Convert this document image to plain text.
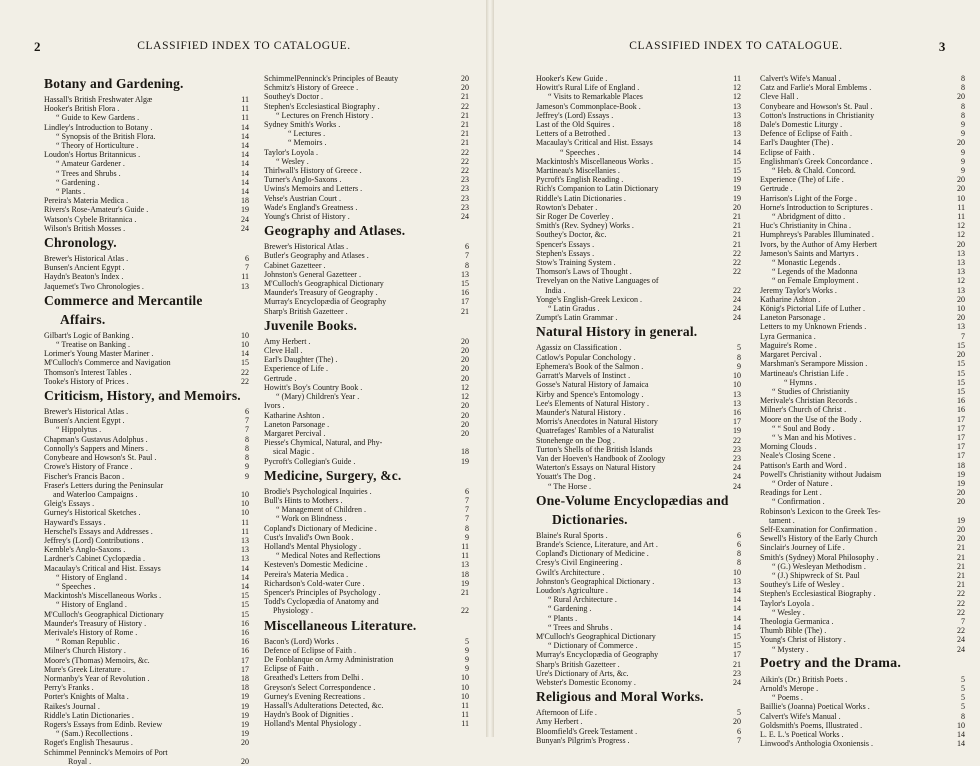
2	CLASSIFIED INDEX TO CATALOGUE.
Botany and Gardening.
Hassall's British Freshwater Algæ	11
Hooker's British Flora .	11
“ Guide to Kew Gardens .	11
Lindley's Introduction to Botany .	14
“ Synopsis of the British Flora.	14
“ Theory of Horticulture .	14
Loudon's Hortus Britannicus .	14
“ Amateur Gardener .	14
“ Trees and Shrubs .	14
“ Gardening .	14
“ Plants .	14
Pereira's Materia Medica .	18
Rivers's Rose-Amateur's Guide .	19
Watson's Cybele Britannica .	24
Wilson's British Mosses .	24
Chronology.
Brewer's Historical Atlas .	6
Bunsen's Ancient Egypt .	7
Haydn's Beaton's Index .	11
Jaquemet's Two Chronologies .	13
Commerce and Mercantile
Affairs.
Gilbart's Logic of Banking .	10
“ Treatise on Banking .	10
Lorimer's Young Master Mariner .	14
M'Culloch's Commerce and Navigation	15
Thomson's Interest Tables .	22
Tooke's History of Prices .	22
Criticism, History, and Memoirs.
Brewer's Historical Atlas .	6
Bunsen's Ancient Egypt .	7
“ Hippolytus .	7
Chapman's Gustavus Adolphus .	8
Connolly's Sappers and Miners .	8
Conybeare and Howson's St. Paul .	8
Crowe's History of France .	9
Fischer's Francis Bacon .	9
Fraser's Letters during the Peninsular
and Waterloo Campaigns .	10
Gleig's Essays .	10
Gurney's Historical Sketches .	10
Hayward's Essays .	11
Herschel's Essays and Addresses .	11
Jeffrey's (Lord) Contributions .	13
Kemble's Anglo-Saxons .	13
Lardner's Cabinet Cyclopædia .	13
Macaulay's Critical and Hist. Essays	14
“ History of England .	14
“ Speeches .	14
Mackintosh's Miscellaneous Works .	15
“ History of England .	15
M'Culloch's Geographical Dictionary	15
Maunder's Treasury of History .	16
Merivale's History of Rome .	16
“ Roman Republic .	16
Milner's Church History .	16
Moore's (Thomas) Memoirs, &c.	17
Mure's Greek Literature .	17
Normanby's Year of Revolution .	18
Perry's Franks .	18
Porter's Knights of Malta .	19
Raikes's Journal .	19
Riddle's Latin Dictionaries .	19
Rogers's Essays from Edinb. Review	19
“ (Sam.) Recollections .	19
Roget's English Thesaurus .	20
Schimmel Penninck's Memoirs of Port
Royal .	20
SchimmelPenninck's Principles of Beauty	20
Schmitz's History of Greece .	20
Southey's Doctor .	21
Stephen's Ecclesiastical Biography .	22
“ Lectures on French History .	21
Sydney Smith's Works .	21
“ Lectures .	21
“ Memoirs .	21
Taylor's Loyola .	22
“ Wesley .	22
Thirlwall's History of Greece .	22
Turner's Anglo-Saxons .	23
Uwins's Memoirs and Letters .	23
Vehse's Austrian Court .	23
Wade's England's Greatness .	23
Young's Christ of History .	24
Geography and Atlases.
Brewer's Historical Atlas .	6
Butler's Geography and Atlases .	7
Cabinet Gazetteer .	8
Johnston's General Gazetteer .	13
M'Culloch's Geographical Dictionary	15
Maunder's Treasury of Geography .	16
Murray's Encyclopædia of Geography	17
Sharp's British Gazetteer .	21
Juvenile Books.
Amy Herbert .	20
Cleve Hall .	20
Earl's Daughter (The) .	20
Experience of Life .	20
Gertrude .	20
Howitt's Boy's Country Book .	12
“ (Mary) Children's Year .	12
Ivors .	20
Katharine Ashton .	20
Laneton Parsonage .	20
Margaret Percival .	20
Piesse's Chymical, Natural, and Phy-
sical Magic .	18
Pycroft's Collegian's Guide .	19
Medicine, Surgery, &c.
Brodie's Psychological Inquiries .	6
Bull's Hints to Mothers .	7
“ Management of Children .	7
“ Work on Blindness .	7
Copland's Dictionary of Medicine .	8
Cust's Invalid's Own Book .	9
Holland's Mental Physiology .	11
“ Medical Notes and Reflections	11
Kesteven's Domestic Medicine .	13
Pereira's Materia Medica .	18
Richardson's Cold-water Cure .	19
Spencer's Principles of Psychology .	21
Todd's Cyclopædia of Anatomy and
Physiology .	22
Miscellaneous Literature.
Bacon's (Lord) Works .	5
Defence of Eclipse of Faith .	9
De Fonblanque on Army Administration	9
Eclipse of Faith .	9
Greathed's Letters from Delhi .	10
Greyson's Select Correspondence .	10
Gurney's Evening Recreations .	10
Hassall's Adulterations Detected, &c.	11
Haydn's Book of Dignities .	11
Holland's Mental Physiology .	11
3
CLASSIFIED INDEX TO CATALOGUE.
Hooker's Kew Guide .	11
Howitt's Rural Life of England .	12
“ Visits to Remarkable Places	12
Jameson's Commonplace-Book .	13
Jeffrey's (Lord) Essays .	13
Last of the Old Squires .	18
Letters of a Betrothed .	13
Macaulay's Critical and Hist. Essays	14
“ Speeches .	14
Mackintosh's Miscellaneous Works .	15
Martineau's Miscellanies .	15
Pycroft's English Reading .	19
Rich's Companion to Latin Dictionary	19
Riddle's Latin Dictionaries .	19
Rowton's Debater .	20
Sir Roger De Coverley .	21
Smith's (Rev. Sydney) Works .	21
Southey's Doctor, &c.	21
Spencer's Essays .	21
Stephen's Essays .	22
Stow's Training System .	22
Thomson's Laws of Thought .	22
Trevelyan on the Native Languages of
India .	22
Yonge's English-Greek Lexicon .	24
“ Latin Gradus .	24
Zumpt's Latin Grammar .	24
Natural History in general.
Agassiz on Classification .	5
Catlow's Popular Conchology .	8
Ephemera's Book of the Salmon .	9
Garratt's Marvels of Instinct .	10
Gosse's Natural History of Jamaica	10
Kirby and Spence's Entomology .	13
Lee's Elements of Natural History .	13
Maunder's Natural History .	16
Morris's Anecdotes in Natural History	17
Quatrefages' Rambles of a Naturalist	19
Stonehenge on the Dog .	22
Turton's Shells of the British Islands	23
Van der Hoeven's Handbook of Zoology	23
Waterton's Essays on Natural History	24
Youatt's The Dog .	24
“ The Horse .	24
One-Volume Encyclopædias and
Dictionaries.
Blaine's Rural Sports .	6
Brande's Science, Literature, and Art .	6
Copland's Dictionary of Medicine .	8
Cresy's Civil Engineering .	8
Gwilt's Architecture .	10
Johnston's Geographical Dictionary .	13
Loudon's Agriculture .	14
“ Rural Architecture .	14
“ Gardening .	14
“ Plants .	14
“ Trees and Shrubs .	14
M'Culloch's Geographical Dictionary	15
“ Dictionary of Commerce .	15
Murray's Encyclopædia of Geography	17
Sharp's British Gazetteer .	21
Ure's Dictionary of Arts, &c.	23
Webster's Domestic Economy .	24
Religious and Moral Works.
Afternoon of Life .	5
Amy Herbert .	20
Bloomfield's Greek Testament .	6
Bunyan's Pilgrim's Progress .	7
Calvert's Wife's Manual .	8
Catz and Farlie's Moral Emblems .	8
Cleve Hall .	20
Conybeare and Howson's St. Paul .	8
Cotton's Instructions in Christianity	8
Dale's Domestic Liturgy .	9
Defence of Eclipse of Faith .	9
Earl's Daughter (The) .	20
Eclipse of Faith .	9
Englishman's Greek Concordance .	9
“ Heb. & Chald. Concord.	9
Experience (The) of Life .	20
Gertrude .	20
Harrison's Light of the Forge .	10
Horne's Introduction to Scriptures .	11
“ Abridgment of ditto .	11
Huc's Christianity in China .	12
Humphreys's Parables Illuminated .	12
Ivors, by the Author of Amy Herbert	20
Jameson's Saints and Martyrs .	13
“ Monastic Legends .	13
“ Legends of the Madonna	13
“ on Female Employment .	12
Jeremy Taylor's Works .	13
Katharine Ashton .	20
König's Pictorial Life of Luther .	10
Laneton Parsonage .	20
Letters to my Unknown Friends .	13
Lyra Germanica .	7
Maguire's Rome .	15
Margaret Percival .	20
Marshman's Serampore Mission .	15
Martineau's Christian Life .	15
“ Hymns .	15
“ Studies of Christianity	15
Merivale's Christian Records .	16
Milner's Church of Christ .	16
Moore on the Use of the Body .	17
“ “ Soul and Body .	17
“ 's Man and his Motives .	17
Morning Clouds .	17
Neale's Closing Scene .	17
Pattison's Earth and Word .	18
Powell's Christianity without Judaism	19
“ Order of Nature .	19
Readings for Lent .	20
“ Confirmation .	20
Robinson's Lexicon to the Greek Tes-
tament .	19
Self-Examination for Confirmation .	20
Sewell's History of the Early Church	20
Sinclair's Journey of Life .	21
Smith's (Sydney) Moral Philosophy .	21
“ (G.) Wesleyan Methodism .	21
“ (J.) Shipwreck of St. Paul	21
Southey's Life of Wesley .	21
Stephen's Ecclesiastical Biography .	22
Taylor's Loyola .	22
“ Wesley .	22
Theologia Germanica .	7
Thumb Bible (The) .	22
Young's Christ of History .	24
“ Mystery .	24
Poetry and the Drama.
Aikin's (Dr.) British Poets .	5
Arnold's Merope .	5
“ Poems .	5
Baillie's (Joanna) Poetical Works .	5
Calvert's Wife's Manual .	8
Goldsmith's Poems, Illustrated .	10
L. E. L.'s Poetical Works .	14
Linwood's Anthologia Oxoniensis .	14
